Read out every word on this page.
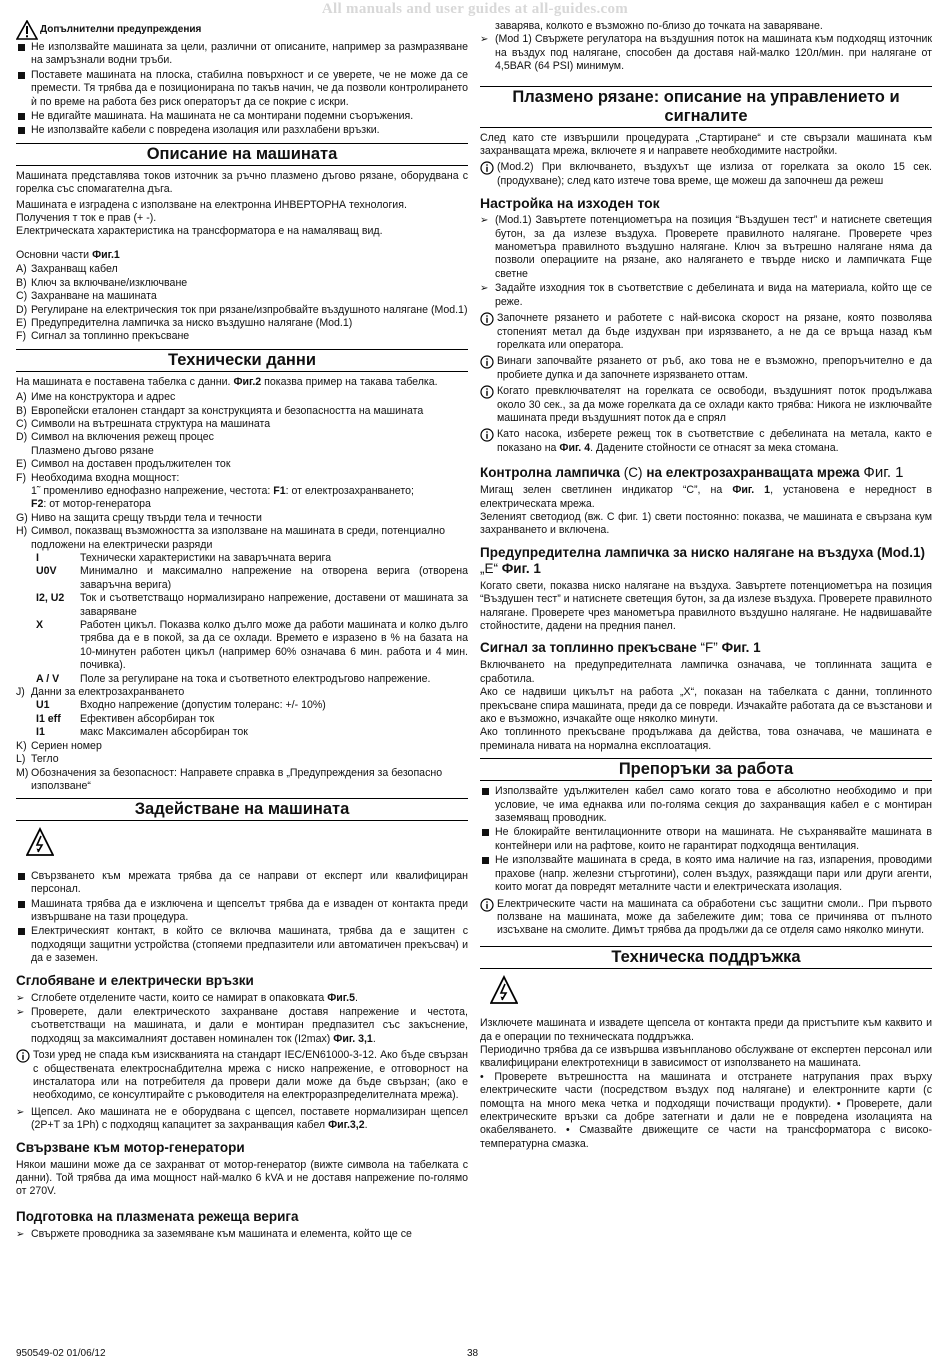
All manuals and user guides at all-guides.com
Допълнителни предупреждения
Не използвайте машината за цели, различни от описаните, например за размразяване на замръзнали водни тръби.
Поставете машината на плоска, стабилна повърхност и се уверете, че не може да се премести. Тя трябва да е позиционирана по такъв начин, че да позволи контролирането ѝ по време на работа без риск операторът да се покрие с искри.
Не вдигайте машината. На машината не са монтирани подемни съоръжения.
Не използвайте кабели с повредена изолация или разхлабени връзки.
Описание на машината

Машината представлява токов източник за ръчно плазмено дъгово рязане, оборудвана с горелка със спомагателна дъга.

Машината е изградена с използване на електронна ИНВЕРТОРНА технология.

Получения т ток е прав (+ -).

Електрическата характеристика на трансформатора е на намаляващ вид.

Основни части Фиг.1

A) Захранващ кабел
B) Ключ за включване/изключване
C) Захранване на машината
D) Регулиране на електрическия ток при рязане/изпробвайте въздушното налягане (Mod.1)
E) Предупредителна лампичка за ниско въздушно налягане (Mod.1)
F) Сигнал за топлинно прекъсване
Технически данни

На машината е поставена табелка с данни. Фиг.2 показва пример на такава табелка.

A) Име на конструктора и адрес
B) Европейски еталонен стандарт за конструкцията и безопасността на машината
C) Символи на вътрешната структура на машината
D) Символ на включения режещ процес
Плазмено дъгово рязане
E) Символ на доставен продължителен ток
F) Необходима входна мощност:
1˜ променливо еднофазно напрежение, честота: F1: от електрозахранването;
F2: от мотор-генератора
G) Ниво на защита срещу твърди тела и течности
H) Символ, показващ възможността за използване на машината в среди, потенциално подложени на електрически разряди
I	Технически характеристики на заваръчната верига
U0V	Минимално и максимално напрежение на отворена верига (отворена заваръчна верига)
I2, U2	Ток и съответстващо нормализирано напрежение, доставени от машината за заваряване
X	Работен цикъл. Показва колко дълго може да работи машината и колко дълго трябва да е в покой, за да се охлади. Времето е изразено в % на базата на 10-минутен работен цикъл (например 60% означава 6 мин. работа и 4 мин. почивка).
A / V	Поле за регулиране на тока и съответното електродъгово напрежение.
J) Данни за електрозахранването
U1	Входно напрежение (допустим толеранс: +/- 10%)
I1 eff	Ефективен абсорбиран ток
I1	макс Максимален абсорбиран ток
K) Сериен номер
L) Тегло
M) Обозначения за безопасност: Направете справка в „Предупреждения за безопасно използване“
Задействане на машината
Свързването към мрежата трябва да се направи от експерт или квалифициран персонал.
Машината трябва да е изключена и щепселът трябва да е изваден от контакта преди извършване на тази процедура.
Електрическият контакт, в който се включва машината, трябва да е защитен с подходящи защитни устройства (стопяеми предпазители или автоматичен прекъсвач) и да е заземен.
Сглобяване и електрически връзки
➢ Сглобете отделените части, които се намират в опаковката Фиг.5.
➢ Проверете, дали електрическото захранване доставя напрежение и честота, съответстващи на машината, и дали е монтиран предпазител със закъснение, подходящ за максималният доставен номинален ток (I2max) Фиг. 3,1.
Този уред не спада към изискванията на стандарт IEC/EN61000-3-12. Ако бъде свързан с обществената електроснабдителна мрежа с ниско напрежение, е отговорност на инсталатора или на потребителя да провери дали може да бъде свързан; (ако е необходимо, се консултирайте с ръководителя на електроразпределителната мрежа).
➢ Щепсел. Ако машината не е оборудвана с щепсел, поставете нормализиран щепсел (2P+T за 1Ph) с подходящ капацитет за захранващия кабел Фиг.3,2.
Свързване към мотор-генератори

Някои машини може да се захранват от мотор-генератор (вижте символа на табелката с данни). Той трябва да има мощност най-малко 6 kVA и не доставя напрежение по-голямо от 270V.

Подготовка на плазмената режеща верига
➢ Свържете проводника за заземяване към машината и елемента, който ще се
950549-02 01/06/12	38

заварява, колкото е възможно по-близо до точката на заваряване.

➢ (Mod 1) Свържете регулатора на въздушния поток на машината към подходящ източник на въздух под налягане, способен да доставя най-малко 120л/мин. при налягане от 4,5BAR (64 PSI) минимум.
Плазмено рязане: описание на управлението и сигналите

След като сте извършили процедурата „Стартиране“ и сте свързали машината към захранващата мрежа, включете я и направете необходимите настройки.

(Mod.2) При включването, въздухът ще излиза от горелката за около 15 сек. (продухване); след като изтече това време, ще можеш да започнеш да режеш
Настройка на изходен ток
➢ (Mod.1) Завъртете потенциометъра на позиция “Въздушен тест” и натиснете светещия бутон, за да излезе въздуха. Проверете правилното налягане. Проверете чрез манометъра правилното въздушно налягане. Ключ за вътрешно налягане няма да позволи операциите на рязане, ако налягането е твърде ниско и лампичката Fще светне
➢ Задайте изходния ток в съответствие с дебелината и вида на материала, който ще се реже.
Започнете рязането и работете с най-висока скорост на рязане, която позволява стопеният метал да бъде издухван при изрязването, а не да се връща назад към горелката или оператора.
Винаги започвайте рязането от ръб, ако това не е възможно, препоръчително е да пробиете дупка и да започнете изрязването оттам.
Когато превключвателят на горелката се освободи, въздушният поток продължава около 30 сек., за да може горелката да се охлади както трябва: Никога не изключвайте машината преди въздушният поток да е спрял
Като насока, изберете режещ ток в съответствие с дебелината на метала, както е показано на Фиг. 4. Дадените стойности се отнасят за мека стомана.
Контролна лампичка (C) на електрозахранващата мрежа Фиг. 1

Мигащ зелен светлинен индикатор “C”, на Фиг. 1, установена е нередност в електрическата мрежа.

Зеленият светодиод (вж. С фиг. 1) свети постоянно: показва, че машината е свързана кум захранването и включена.

Предупредителна лампичка за ниско налягане на въздуха (Mod.1) „E“ Фиг. 1

Когато свети, показва ниско налягане на въздуха. Завъртете потенциометъра на позиция “Въздушен тест” и натиснете светещия бутон, за да излезе въздуха. Проверете правилното налягане. Проверете чрез манометъра правилното въздушно налягане. Не надвишавайте стойностите, дадени на предния панел.

Сигнал за топлинно прекъсване “F” Фиг. 1

Включването на предупредителната лампичка означава, че топлинната защита е сработила.

Ако се надвиши цикълът на работа „X“, показан на табелката с данни, топлинното прекъсване спира машината, преди да се повреди. Изчакайте работата да се възстанови и ако е възможно, изчакайте още няколко минути.

Ако топлинното прекъсване продължава да действа, това означава, че машината е преминала нивата на нормална експлоатация.

Препоръки за работа
Използвайте удължителен кабел само когато това е абсолютно необходимо и при условие, че има еднаква или по-голяма секция до захранващия кабел е с монтиран заземяващ проводник.
Не блокирайте вентилационните отвори на машината. Не съхранявайте машината в контейнери или на рафтове, които не гарантират подходяща вентилация.
Не използвайте машината в среда, в която има наличие на газ, изпарения, проводими прахове (напр. железни стърготини), солен въздух, разяждащи пари или други агенти, които могат да повредят металните части и електрическата изолация.
Електрическите части на машината са обработени със защитни смоли.. При първото ползване на машината, може да забележите дим; това се причинява от пълното изсъхване на смолите. Димът трябва да продължи да се отделя само няколко минути.
Техническа поддръжка

Изключете машината и извадете щепсела от контакта преди да пристъпите към каквито и да е операции по техническата поддръжка.

Периодично трябва да се извършва извънпланово обслужване от експертен персонал или квалифицирани електротехници в зависимост от използването на машината.

• Проверете вътрешността на машината и отстранете натрупания прах върху електрическите части (посредством въздух под налягане) и електронните карти (с помощта на много мека четка и подходящи почистващи продукти). • Проверете, дали електрическите връзки са добре затегнати и дали не е повредена изолацията на окабеляването. • Смазвайте движещите се части на трансформатора с високо-температурна смазка.
